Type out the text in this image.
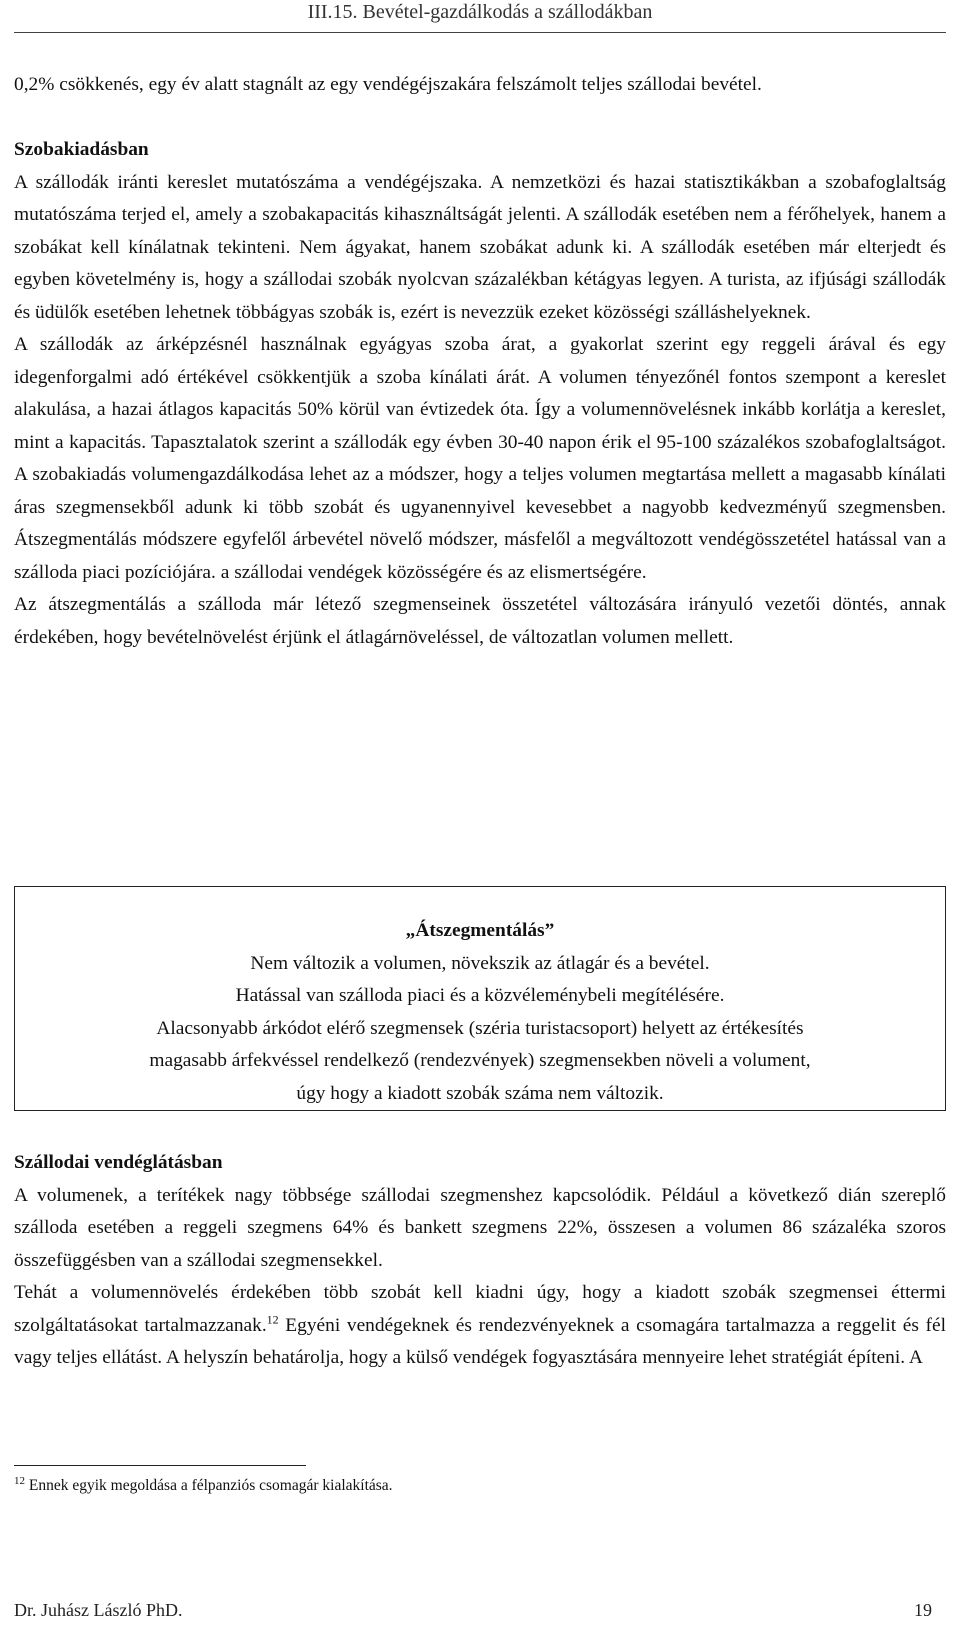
III.15. Bevétel-gazdálkodás a szállodákban

0,2% csökkenés, egy év alatt stagnált az egy vendégéjszakára felszámolt teljes szállodai bevétel.

Szobakiadásban

A szállodák iránti kereslet mutatószáma a vendégéjszaka. A nemzetközi és hazai statisztikákban a szobafoglaltság mutatószáma terjed el, amely a szobakapacitás kihasználtságát jelenti. A szállodák esetében nem a férőhelyek, hanem a szobákat kell kínálatnak tekinteni. Nem ágyakat, hanem szobákat adunk ki. A szállodák esetében már elterjedt és egyben követelmény is, hogy a szállodai szobák nyolcvan százalékban kétágyas legyen. A turista, az ifjúsági szállodák és üdülők esetében lehetnek többágyas szobák is, ezért is nevezzük ezeket közösségi szálláshelyeknek.

A szállodák az árképzésnél használnak egyágyas szoba árat, a gyakorlat szerint egy reggeli árával és egy idegenforgalmi adó értékével csökkentjük a szoba kínálati árát. A volumen tényezőnél fontos szempont a kereslet alakulása, a hazai átlagos kapacitás 50% körül van évtizedek óta. Így a volumennövelésnek inkább korlátja a kereslet, mint a kapacitás. Tapasztalatok szerint a szállodák egy évben 30-40 napon érik el 95-100 százalékos szobafoglaltságot. A szobakiadás volumengazdálkodása lehet az a módszer, hogy a teljes volumen megtartása mellett a magasabb kínálati áras szegmensekből adunk ki több szobát és ugyanennyivel kevesebbet a nagyobb kedvezményű szegmensben. Átszegmentálás módszere egyfelől árbevétel növelő módszer, másfelől a megváltozott vendégösszetétel hatással van a szálloda piaci pozíciójára. a szállodai vendégek közösségére és az elismertségére.

Az átszegmentálás a szálloda már létező szegmenseinek összetétel változására irányuló vezetői döntés, annak érdekében, hogy bevételnövelést érjünk el átlagárnöveléssel, de változatlan volumen mellett.

„Átszegmentálás”

Nem változik a volumen, növekszik az átlagár és a bevétel.

Hatással van szálloda piaci és a közvéleménybeli megítélésére.

Alacsonyabb árkódot elérő szegmensek (széria turistacsoport) helyett az értékesítés

magasabb árfekvéssel rendelkező (rendezvények) szegmensekben növeli a volument,

úgy hogy a kiadott szobák száma nem változik.

Szállodai vendéglátásban

A volumenek, a terítékek nagy többsége szállodai szegmenshez kapcsolódik. Például a következő dián szereplő szálloda esetében a reggeli szegmens 64% és bankett szegmens 22%, összesen a volumen 86 százaléka szoros összefüggésben van a szállodai szegmensekkel.

Tehát a volumennövelés érdekében több szobát kell kiadni úgy, hogy a kiadott szobák szegmensei éttermi szolgáltatásokat tartalmazzanak.$^{12}$ Egyéni vendégeknek és rendezvényeknek a csomagára tartalmazza a reggelit és fél vagy teljes ellátást. A helyszín behatárolja, hogy a külső vendégek fogyasztására mennyeire lehet stratégiát építeni. A

$^{12}$ Ennek egyik megoldása a félpanziós csomagár kialakítása.
Dr. Juhász László PhD.	19
